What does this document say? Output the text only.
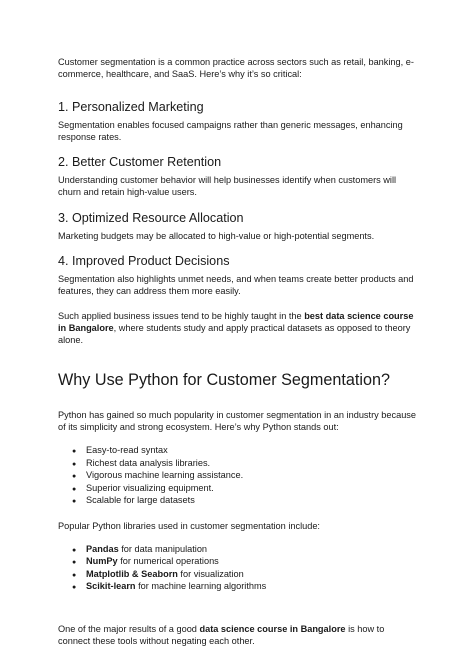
Customer segmentation is a common practice across sectors such as retail, banking, e-commerce, healthcare, and SaaS. Here’s why it’s so critical:

1. Personalized Marketing

Segmentation enables focused campaigns rather than generic messages, enhancing response rates.

2. Better Customer Retention

Understanding customer behavior will help businesses identify when customers will churn and retain high-value users.

3. Optimized Resource Allocation

Marketing budgets may be allocated to high-value or high-potential segments.

4. Improved Product Decisions

Segmentation also highlights unmet needs, and when teams create better products and features, they can address them more easily.

Such applied business issues tend to be highly taught in the best data science course in Bangalore, where students study and apply practical datasets as opposed to theory alone.

Why Use Python for Customer Segmentation?

Python has gained so much popularity in customer segmentation in an industry because of its simplicity and strong ecosystem. Here’s why Python stands out:

●	Easy-to-read syntax
●	Richest data analysis libraries.
●	Vigorous machine learning assistance.
●	Superior visualizing equipment.
●	Scalable for large datasets

Popular Python libraries used in customer segmentation include:

●	Pandas for data manipulation
●	NumPy for numerical operations
●	Matplotlib & Seaborn for visualization
●	Scikit-learn for machine learning algorithms

One of the major results of a good data science course in Bangalore is how to connect these tools without negating each other.
